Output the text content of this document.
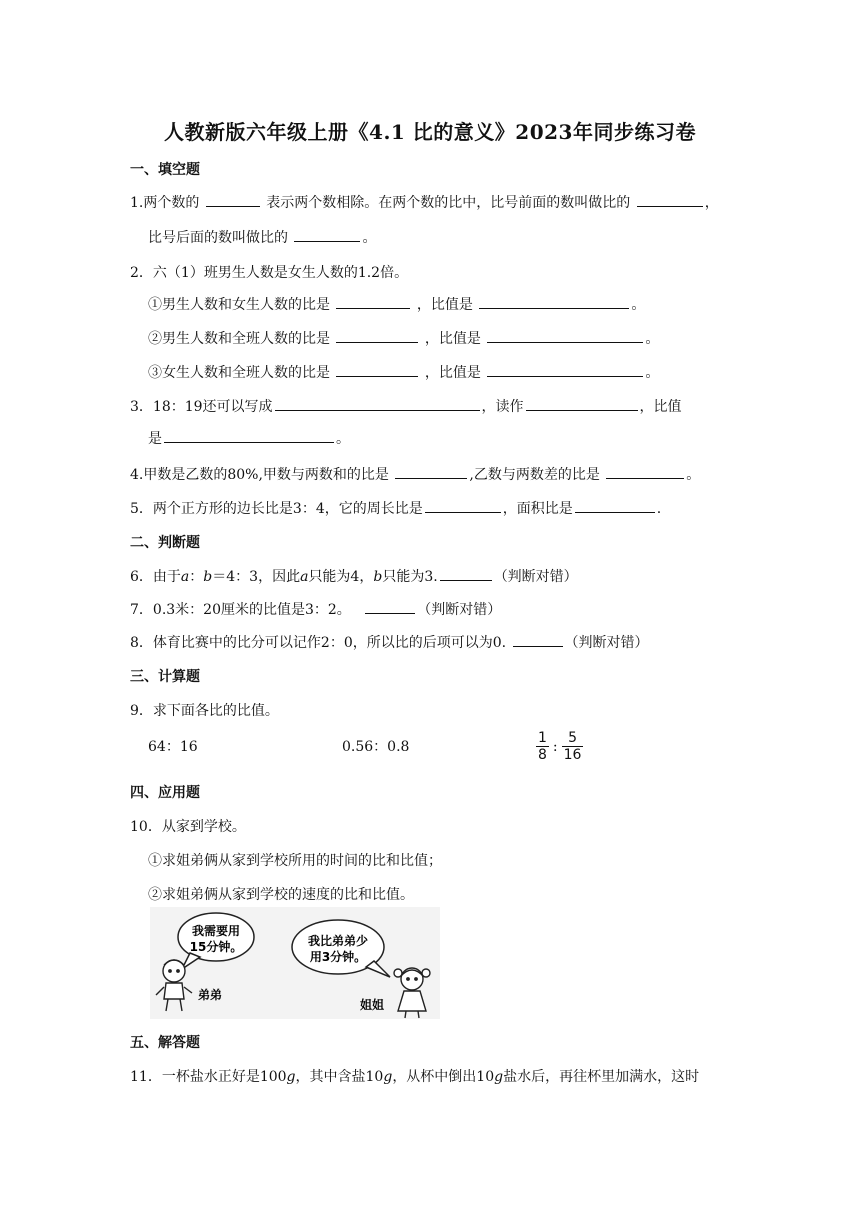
人教新版六年级上册《4.1 比的意义》2023年同步练习卷
一、填空题
1.两个数的	表示两个数相除。在两个数的比中，比号前面的数叫做比的	，
比号后面的数叫做比的	。
2．六（1）班男生人数是女生人数的1.2倍。
①男生人数和女生人数的比是	，比值是	。
②男生人数和全班人数的比是	，比值是	。
③女生人数和全班人数的比是	，比值是	。
3．18：19还可以写成	，读作	，比值
是	。
4.甲数是乙数的80%,甲数与两数和的比是	,乙数与两数差的比是	。
5．两个正方形的边长比是3：4，它的周长比是	，面积比是	.
二、判断题
6．由于a：b＝4：3，因此a只能为4，b只能为3.	（判断对错）
7．0.3米：20厘米的比值是3：2。	（判断对错）
8．体育比赛中的比分可以记作2：0，所以比的后项可以为0.	（判断对错）
三、计算题
9．求下面各比的比值。
64：16	0.56：0.8	$\frac{1}{8}$ : $\frac{5}{16}$
四、应用题
10．从家到学校。
①求姐弟俩从家到学校所用的时间的比和比值；
②求姐弟俩从家到学校的速度的比和比值。
我需要用
15分钟。	我比弟弟少
用3分钟。
弟弟
姐姐
五、解答题
11．一杯盐水正好是100g，其中含盐10g，从杯中倒出10g盐水后，再往杯里加满水，这时
